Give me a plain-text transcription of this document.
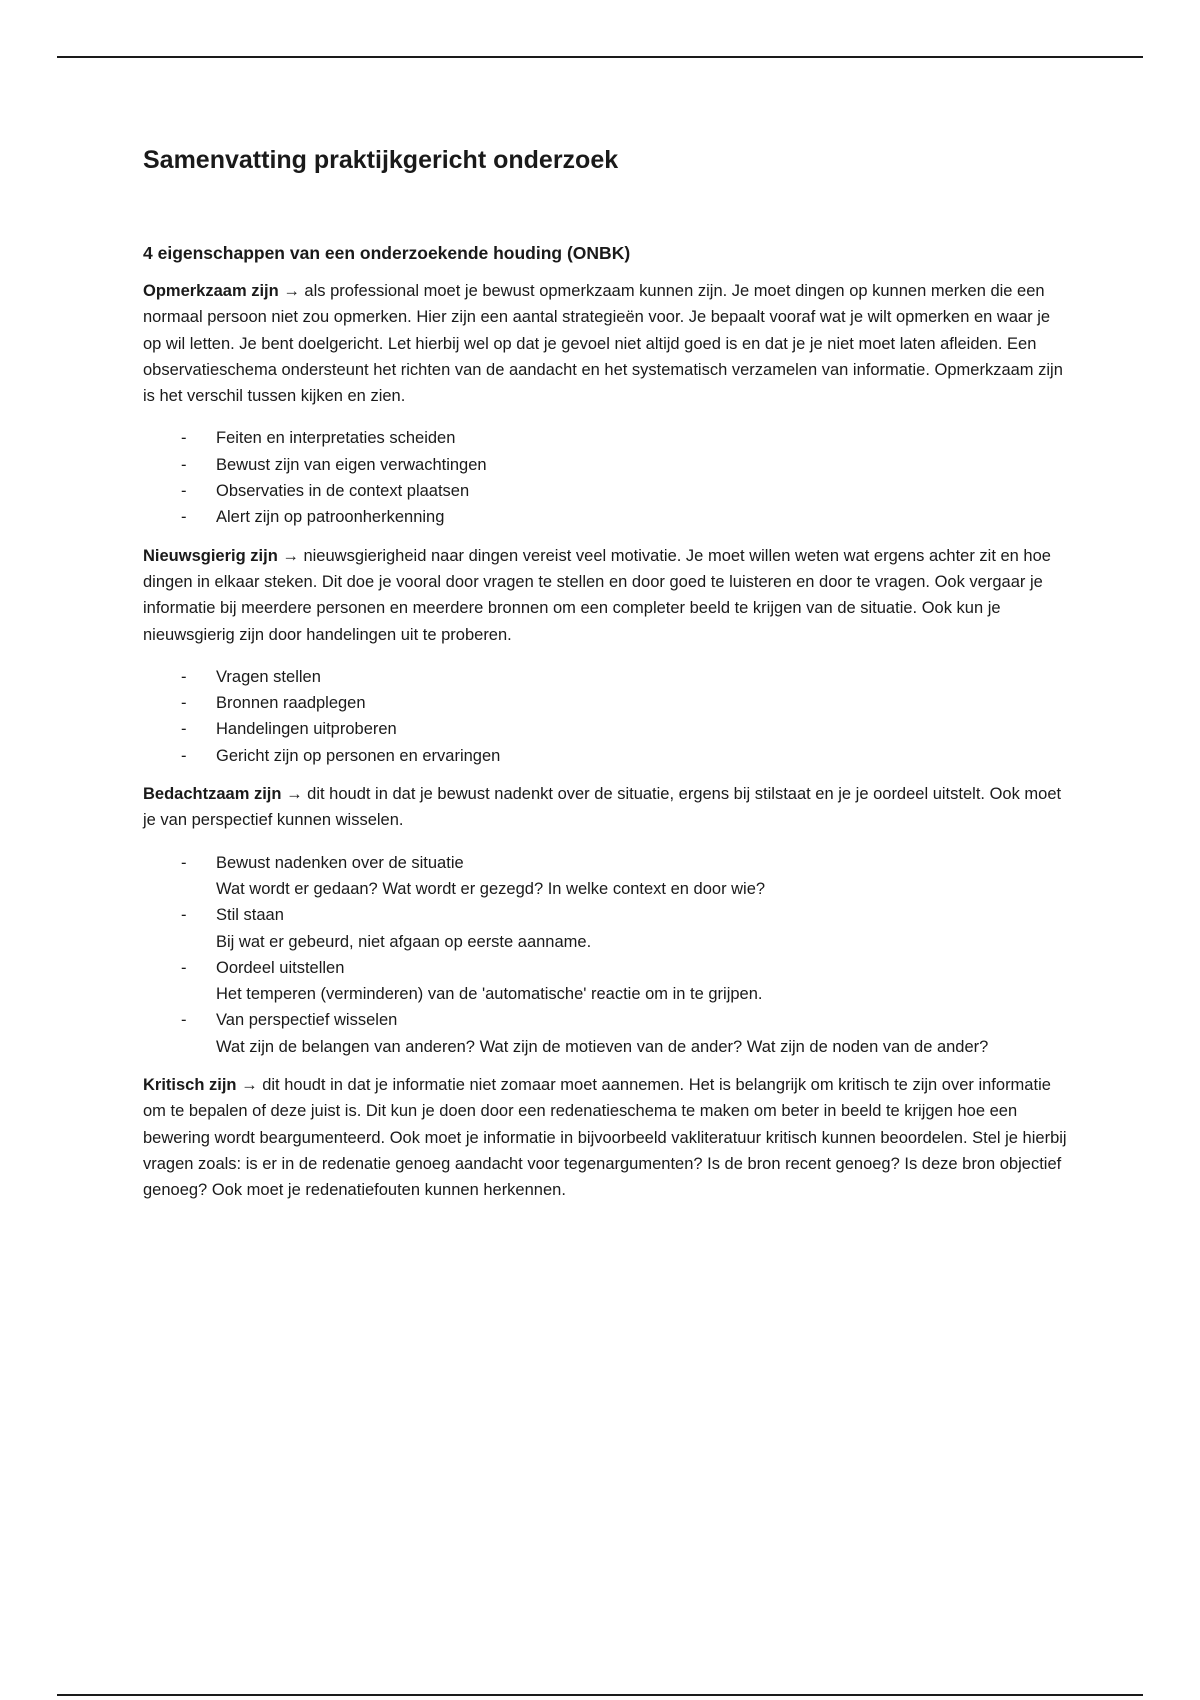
Samenvatting praktijkgericht onderzoek
4 eigenschappen van een onderzoekende houding (ONBK)

Opmerkzaam zijn → als professional moet je bewust opmerkzaam kunnen zijn. Je moet dingen op kunnen merken die een normaal persoon niet zou opmerken. Hier zijn een aantal strategieën voor. Je bepaalt vooraf wat je wilt opmerken en waar je op wil letten. Je bent doelgericht. Let hierbij wel op dat je gevoel niet altijd goed is en dat je je niet moet laten afleiden. Een observatieschema ondersteunt het richten van de aandacht en het systematisch verzamelen van informatie. Opmerkzaam zijn is het verschil tussen kijken en zien.

- Feiten en interpretaties scheiden
- Bewust zijn van eigen verwachtingen
- Observaties in de context plaatsen
- Alert zijn op patroonherkenning

Nieuwsgierig zijn → nieuwsgierigheid naar dingen vereist veel motivatie. Je moet willen weten wat ergens achter zit en hoe dingen in elkaar steken. Dit doe je vooral door vragen te stellen en door goed te luisteren en door te vragen. Ook vergaar je informatie bij meerdere personen en meerdere bronnen om een completer beeld te krijgen van de situatie. Ook kun je nieuwsgierig zijn door handelingen uit te proberen.

- Vragen stellen
- Bronnen raadplegen
- Handelingen uitproberen
- Gericht zijn op personen en ervaringen

Bedachtzaam zijn → dit houdt in dat je bewust nadenkt over de situatie, ergens bij stilstaat en je je oordeel uitstelt. Ook moet je van perspectief kunnen wisselen.

- Bewust nadenken over de situatie
Wat wordt er gedaan? Wat wordt er gezegd? In welke context en door wie?
- Stil staan
Bij wat er gebeurd, niet afgaan op eerste aanname.
- Oordeel uitstellen
Het temperen (verminderen) van de 'automatische' reactie om in te grijpen.
- Van perspectief wisselen
Wat zijn de belangen van anderen? Wat zijn de motieven van de ander? Wat zijn de noden van de ander?

Kritisch zijn → dit houdt in dat je informatie niet zomaar moet aannemen. Het is belangrijk om kritisch te zijn over informatie om te bepalen of deze juist is. Dit kun je doen door een redenatieschema te maken om beter in beeld te krijgen hoe een bewering wordt beargumenteerd. Ook moet je informatie in bijvoorbeeld vakliteratuur kritisch kunnen beoordelen. Stel je hierbij vragen zoals: is er in de redenatie genoeg aandacht voor tegenargumenten? Is de bron recent genoeg? Is deze bron objectief genoeg? Ook moet je redenatiefouten kunnen herkennen.
